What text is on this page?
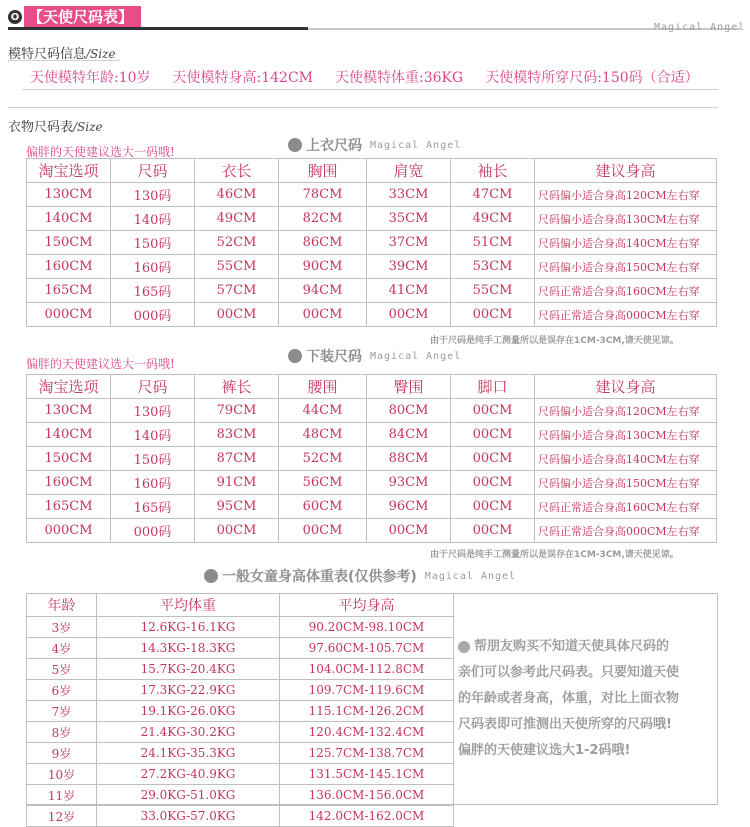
O 【天使尺码表】
Magical Angel
模特尺码信息/Size
天使模特年龄:10岁 天使模特身高:142CM 天使模特体重:36KG 天使模特所穿尺码:150码（合适）
衣物尺码表/Size
偏胖的天使建议选大一码哦!	上衣尺码 Magical Angel
淘宝选项	尺码	衣长	胸围	肩宽	袖长	建议身高
130CM	130码	46CM	78CM	33CM	47CM	尺码偏小适合身高120CM左右穿
140CM	140码	49CM	82CM	35CM	49CM	尺码偏小适合身高130CM左右穿
150CM	150码	52CM	86CM	37CM	51CM	尺码偏小适合身高140CM左右穿
160CM	160码	55CM	90CM	39CM	53CM	尺码偏小适合身高150CM左右穿
165CM	165码	57CM	94CM	41CM	55CM	尺码正常适合身高160CM左右穿
000CM	000码	00CM	00CM	00CM	00CM	尺码正常适合身高000CM左右穿
由于尺码是纯手工测量所以是误存在1CM-3CM,请天使见谅。
偏胖的天使建议选大一码哦!	下装尺码 Magical Angel
淘宝选项	尺码	裤长	腰围	臀围	脚口	建议身高
130CM	130码	79CM	44CM	80CM	00CM	尺码偏小适合身高120CM左右穿
140CM	140码	83CM	48CM	84CM	00CM	尺码偏小适合身高130CM左右穿
150CM	150码	87CM	52CM	88CM	00CM	尺码偏小适合身高140CM左右穿
160CM	160码	91CM	56CM	93CM	00CM	尺码偏小适合身高150CM左右穿
165CM	165码	95CM	60CM	96CM	00CM	尺码正常适合身高160CM左右穿
000CM	000码	00CM	00CM	00CM	00CM	尺码正常适合身高000CM左右穿
由于尺码是纯手工测量所以是误存在1CM-3CM,请天使见谅。
一般女童身高体重表(仅供参考) Magical Angel
年龄	平均体重	平均身高
3岁	12.6KG-16.1KG	90.20CM-98.10CM
4岁	14.3KG-18.3KG	97.60CM-105.7CM
5岁	15.7KG-20.4KG	104.0CM-112.8CM
6岁	17.3KG-22.9KG	109.7CM-119.6CM
7岁	19.1KG-26.0KG	115.1CM-126.2CM
8岁	21.4KG-30.2KG	120.4CM-132.4CM
9岁	24.1KG-35.3KG	125.7CM-138.7CM
10岁	27.2KG-40.9KG	131.5CM-145.1CM
11岁	29.0KG-51.0KG	136.0CM-156.0CM
12岁	33.0KG-57.0KG	142.0CM-162.0CM
帮朋友购买不知道天使具体尺码的
亲们可以参考此尺码表。只要知道天使
的年龄或者身高，体重，对比上面衣物
尺码表即可推测出天使所穿的尺码哦!
偏胖的天使建议选大1-2码哦!
